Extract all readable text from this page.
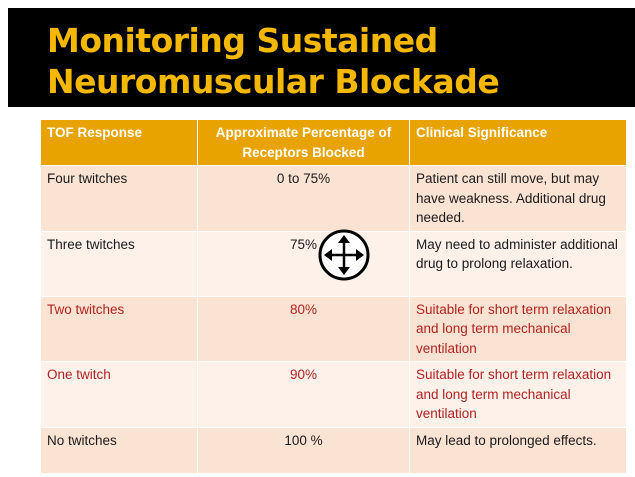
Monitoring Sustained
Neuromuscular Blockade
TOF Response	Approximate Percentage of Receptors Blocked	Clinical Significance
Four twitches	0 to 75%	Patient can still move, but may have weakness. Additional drug needed.
Three twitches	75%	May need to administer additional drug to prolong relaxation.
Two twitches	80%	Suitable for short term relaxation and long term mechanical ventilation
One twitch	90%	Suitable for short term relaxation and long term mechanical ventilation
No twitches	100 %	May lead to prolonged effects.
